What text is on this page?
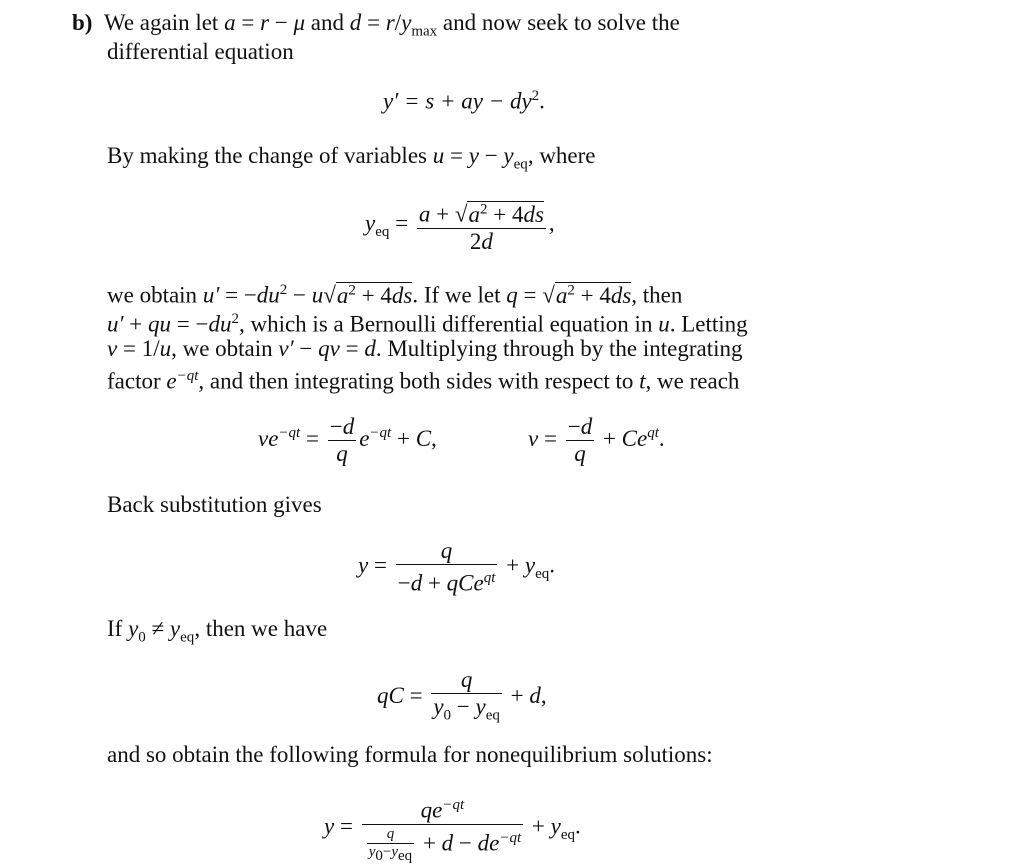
b)  We again let a = r − μ and $d = r/y_{max}$ and now seek to solve the
differential equation
y′ = s + ay − $dy^2$.
By making the change of variables $u = y - y_{eq}$, where
$y_{eq} = \frac{a + √a^2 + 4ds}{2d}$ ,
we obtain $u' = -du^2 - u√a^2 + 4ds$. If we let $q = √a^2 + 4ds$, then
u′ + qu = $-du^2$, which is a Bernoulli differential equation in u. Letting
v = 1/u, we obtain v′ − qv = d. Multiplying through by the integrating
factor $e^{-qt}$, and then integrating both sides with respect to t, we reach
$ve^{-qt} = \frac{-d}{q} e^{-qt} + C$,	$v = \frac{-d}{q} + Ce^{qt}$.
Back substitution gives
$y = \frac{q}{-d + qCe^{qt}} + y_{eq}$.
If $y_0 \ne y_{eq}$, then we have
qC = $\frac{q}{y_0 - y_{eq}} + d$,
and so obtain the following formula for nonequilibrium solutions:
$y = \frac{qe^{-qt}}{\frac{q}{y_0-y_{eq}} + d - de^{-qt}} + y_{eq}$.
